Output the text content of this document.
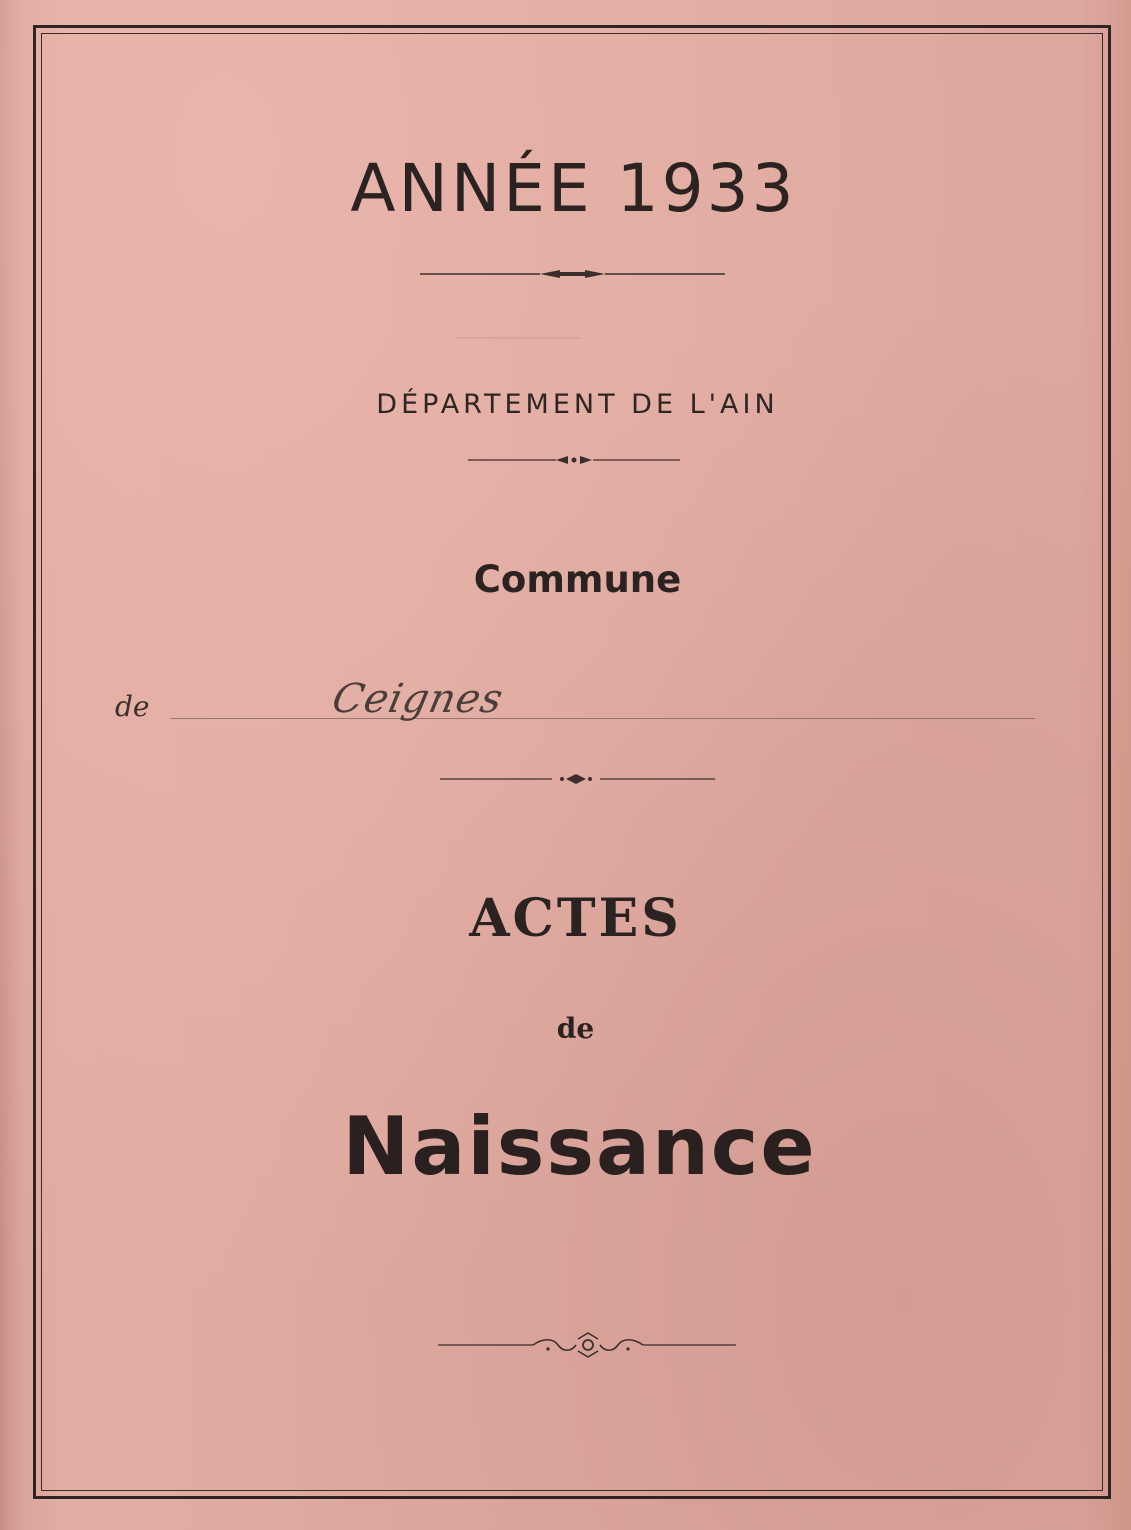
ANNÉE 1933
DÉPARTEMENT DE L'AIN
Commune
de	Ceignes
ACTES
de
Naissance
